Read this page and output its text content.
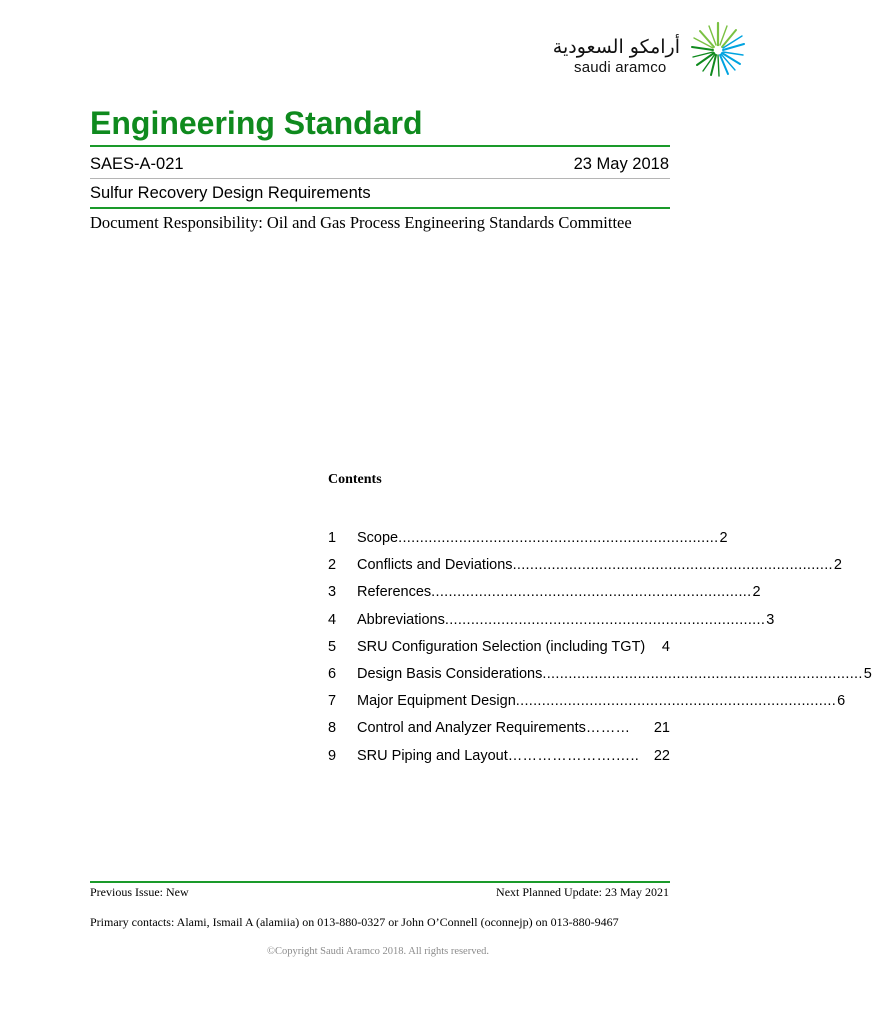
أرامكو السعودية
saudi aramco
Engineering Standard
SAES-A-021	23 May 2018
Sulfur Recovery Design Requirements
Document Responsibility: Oil and Gas Process Engineering Standards Committee
Contents
1	Scope .......................................................................... 2
2	Conflicts and Deviations .......................................................................... 2
3	References .......................................................................... 2
4	Abbreviations .......................................................................... 3
5	SRU Configuration Selection (including TGT) 4
6	Design Basis Considerations .......................................................................... 5
7	Major Equipment Design .......................................................................... 6
8	Control and Analyzer Requirements ………	21
9	SRU Piping and Layout ………………….…..	22
Previous Issue: New	Next Planned Update: 23 May 2021
Primary contacts: Alami, Ismail A (alamiia) on 013-880-0327 or John O’Connell (oconnejp) on 013-880-9467
©Copyright Saudi Aramco 2018. All rights reserved.
